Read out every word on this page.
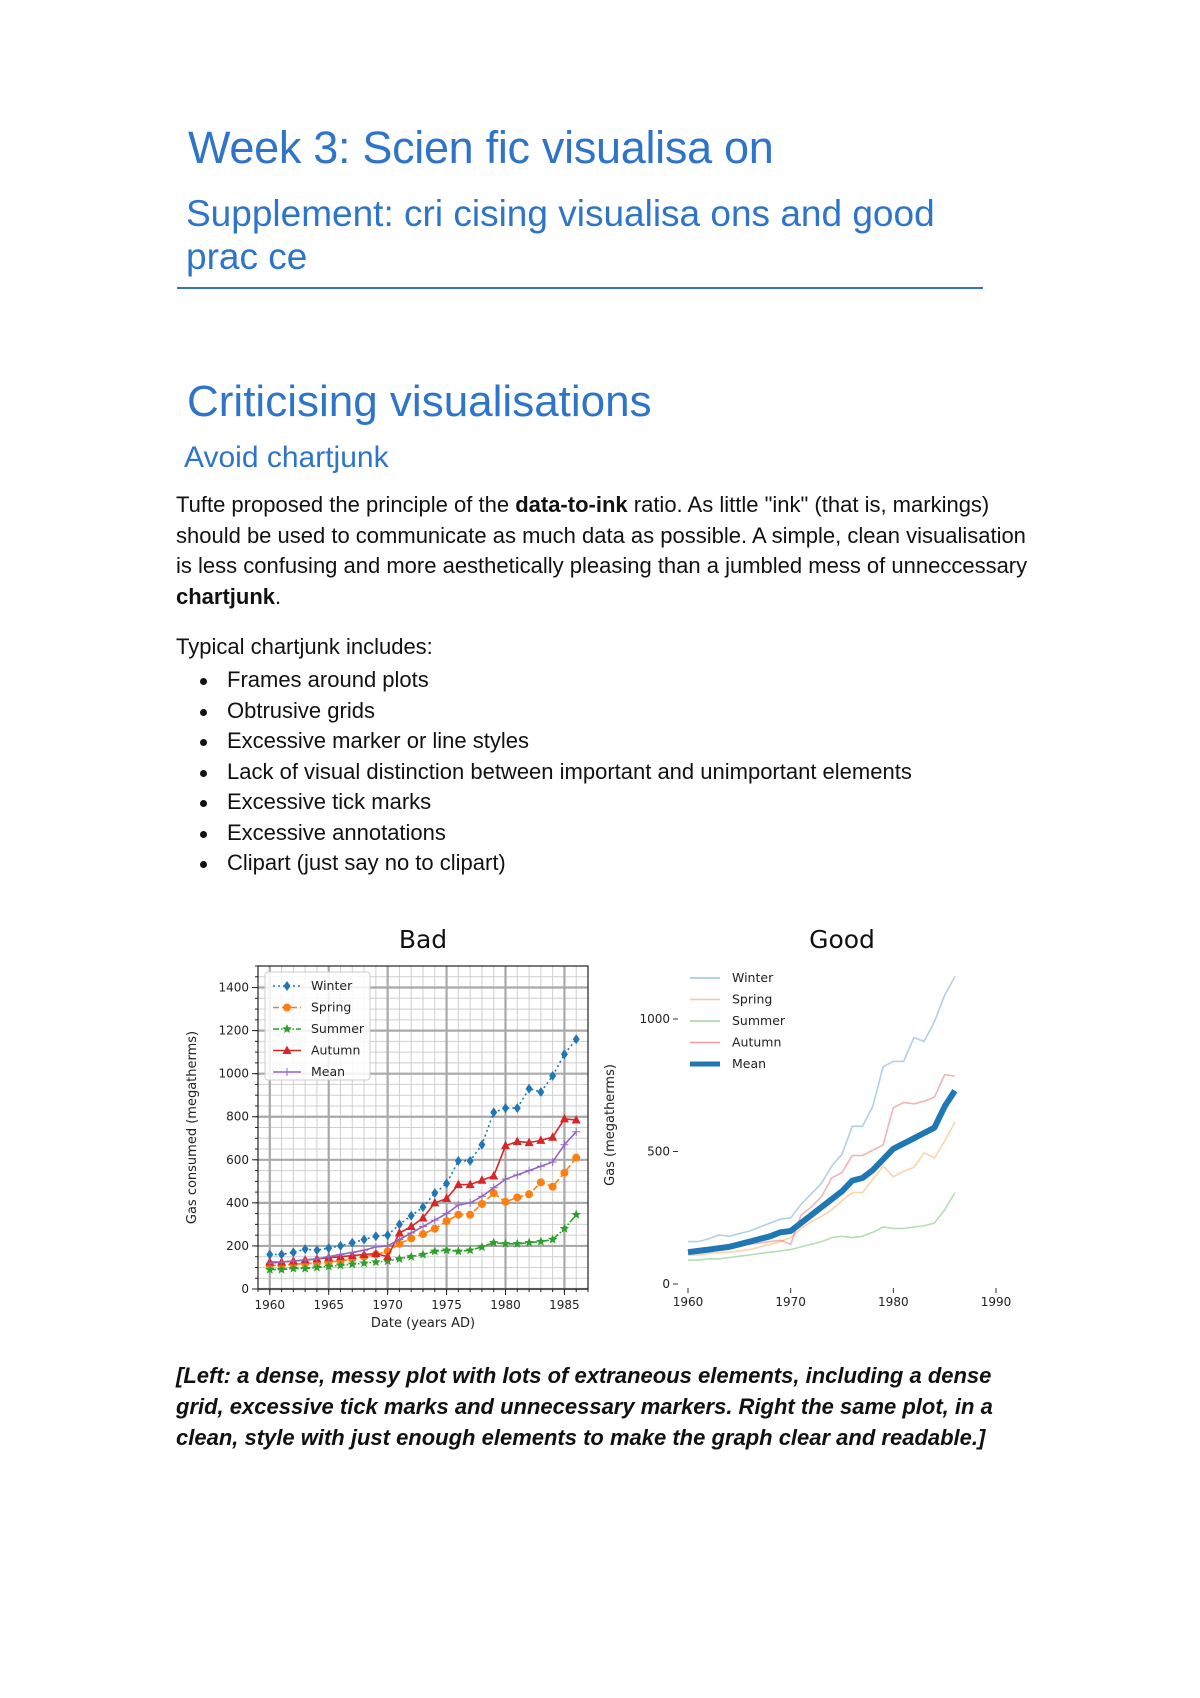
Week 3: Scien fic visualisa on
Supplement: cri cising visualisa ons and good prac ce
Criticising visualisations
Avoid chartjunk

Tufte proposed the principle of the data-to-ink ratio. As little "ink" (that is, markings) should be used to communicate as much data as possible. A simple, clean visualisation is less confusing and more aesthetically pleasing than a jumbled mess of unneccessary chartjunk.

Typical chartjunk includes:

Frames around plots
Obtrusive grids
Excessive marker or line styles
Lack of visual distinction between important and unimportant elements
Excessive tick marks
Excessive annotations
Clipart (just say no to clipart)
1960 1965 1970 1975 1980 1985
0
200
400
600
800
1000
1200
1400
Bad
Date (years AD)
Gas consumed (megatherms)
Winter
Spring
Summer
Autumn
Mean
Good
1960	1970	1980	1990
0
500
1000
Gas (megatherms)
Winter
Spring
Summer
Autumn
Mean

[Left: a dense, messy plot with lots of extraneous elements, including a dense grid, excessive tick marks and unnecessary markers. Right the same plot, in a clean, style with just enough elements to make the graph clear and readable.]
